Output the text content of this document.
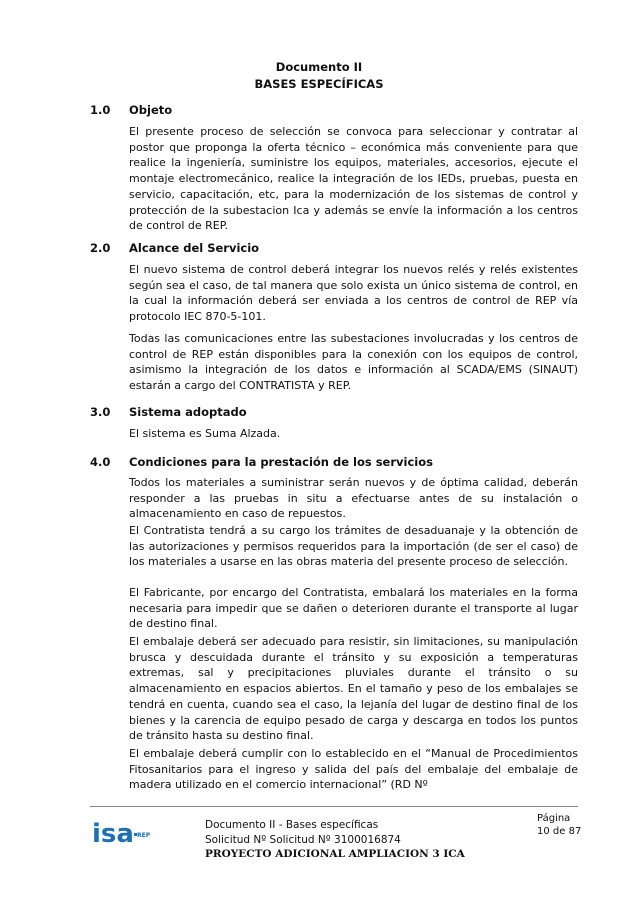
Documento II
BASES ESPECÍFICAS
1.0 Objeto
El presente proceso de selección se convoca para seleccionar y contratar al postor que proponga la oferta técnico – económica más conveniente para que realice la ingeniería, suministre los equipos, materiales, accesorios, ejecute el montaje electromecánico, realice la integración de los IEDs, pruebas, puesta en servicio, capacitación, etc, para la modernización de los sistemas de control y protección de la subestacion Ica y además se envíe la información a los centros de control de REP.
2.0 Alcance del Servicio
El nuevo sistema de control deberá integrar los nuevos relés y relés existentes según sea el caso, de tal manera que solo exista un único sistema de control, en la cual la información deberá ser enviada a los centros de control de REP vía protocolo IEC 870-5-101.
Todas las comunicaciones entre las subestaciones involucradas y los centros de control de REP están disponibles para la conexión con los equipos de control, asimismo la integración de los datos e información al SCADA/EMS (SINAUT) estarán a cargo del CONTRATISTA y REP.
3.0 Sistema adoptado
El sistema es Suma Alzada.
4.0 Condiciones para la prestación de los servicios
Todos los materiales a suministrar serán nuevos y de óptima calidad, deberán responder a las pruebas in situ a efectuarse antes de su instalación o almacenamiento en caso de repuestos.
El Contratista tendrá a su cargo los trámites de desaduanaje y la obtención de las autorizaciones y permisos requeridos para la importación (de ser el caso) de los materiales a usarse en las obras materia del presente proceso de selección.
El Fabricante, por encargo del Contratista, embalará los materiales en la forma necesaria para impedir que se dañen o deterioren durante el transporte al lugar de destino final.
El embalaje deberá ser adecuado para resistir, sin limitaciones, su manipulación brusca y descuidada durante el tránsito y su exposición a temperaturas extremas, sal y precipitaciones pluviales durante el tránsito o su almacenamiento en espacios abiertos. En el tamaño y peso de los embalajes se tendrá en cuenta, cuando sea el caso, la lejanía del lugar de destino final de los bienes y la carencia de equipo pesado de carga y descarga en todos los puntos de tránsito hasta su destino final.
El embalaje deberá cumplir con lo establecido en el “Manual de Procedimientos Fitosanitarios para el ingreso y salida del país del embalaje del embalaje de madera utilizado en el comercio internacional” (RD Nº
isa REP
Documento II - Bases específicas
Solicitud Nº Solicitud Nº 3100016874
PROYECTO ADICIONAL AMPLIACION 3 ICA
Página
10 de 87
